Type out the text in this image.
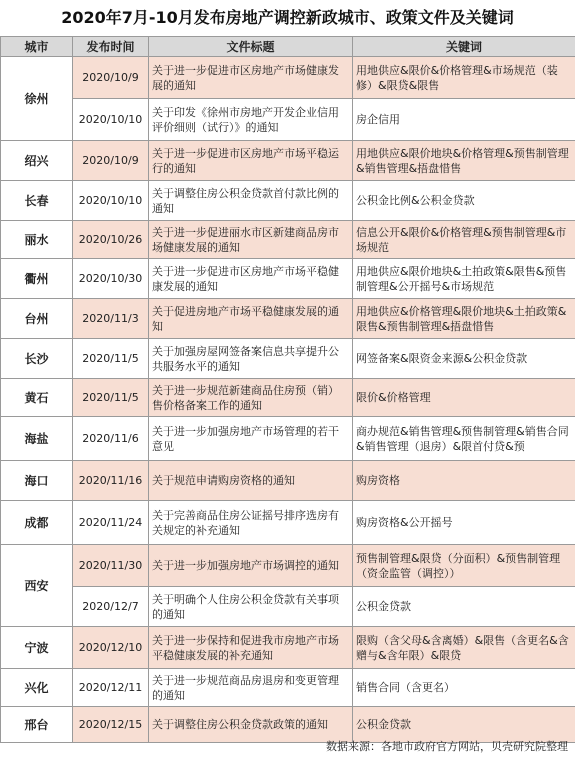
2020年7月-10月发布房地产调控新政城市、政策文件及关键词
城市	发布时间	文件标题	关键词
徐州	2020/10/9	关于进一步促进市区房地产市场健康发展的通知	用地供应&限价&价格管理&市场规范（装修）&限贷&限售
	2020/10/10	关于印发《徐州市房地产开发企业信用评价细则（试行）》的通知	房企信用
绍兴	2020/10/9	关于进一步促进市区房地产市场平稳运行的通知	用地供应&限价地块&价格管理&预售制管理&销售管理&捂盘惜售
长春	2020/10/10	关于调整住房公积金贷款首付款比例的通知	公积金比例&公积金贷款
丽水	2020/10/26	关于进一步促进丽水市区新建商品房市场健康发展的通知	信息公开&限价&价格管理&预售制管理&市场规范
衢州	2020/10/30	关于进一步促进市区房地产市场平稳健康发展的通知	用地供应&限价地块&土拍政策&限售&预售制管理&公开摇号&市场规范
台州	2020/11/3	关于促进房地产市场平稳健康发展的通知	用地供应&价格管理&限价地块&土拍政策&限售&预售制管理&捂盘惜售
长沙	2020/11/5	关于加强房屋网签备案信息共享提升公共服务水平的通知	网签备案&限资金来源&公积金贷款
黄石	2020/11/5	关于进一步规范新建商品住房预（销）售价格备案工作的通知	限价&价格管理
海盐	2020/11/6	关于进一步加强房地产市场管理的若干意见	商办规范&销售管理&预售制管理&销售合同&销售管理（退房）&限首付贷&预
海口	2020/11/16	关于规范申请购房资格的通知	购房资格
成都	2020/11/24	关于完善商品住房公证摇号排序选房有关规定的补充通知	购房资格&公开摇号
西安	2020/11/30	关于进一步加强房地产市场调控的通知	预售制管理&限贷（分面积）&预售制管理（资金监管（调控））
	2020/12/7	关于明确个人住房公积金贷款有关事项的通知	公积金贷款
宁波	2020/12/10	关于进一步保持和促进我市房地产市场平稳健康发展的补充通知	限购（含父母&含离婚）&限售（含更名&含赠与&含年限）&限贷
兴化	2020/12/11	关于进一步规范商品房退房和变更管理的通知	销售合同（含更名）
邢台	2020/12/15	关于调整住房公积金贷款政策的通知	公积金贷款
数据来源：各地市政府官方网站，贝壳研究院整理
